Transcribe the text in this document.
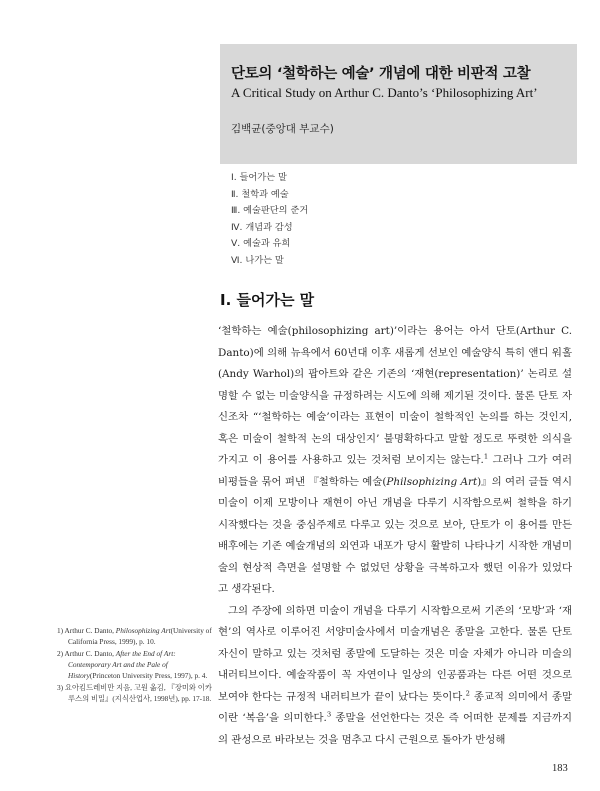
단토의 ‘철학하는 예술’ 개념에 대한 비판적 고찰

A Critical Study on Arthur C. Danto’s ‘Philosophizing Art’

김백균(중앙대 부교수)

Ⅰ. 들어가는 말
Ⅱ. 철학과 예술
Ⅲ. 예술판단의 준거
Ⅳ. 개념과 감성
Ⅴ. 예술과 유희
Ⅵ. 나가는 말
Ⅰ. 들어가는 말

‘철학하는 예술(philosophizing art)’이라는 용어는 아서 단토(Arthur C. Danto)에 의해 뉴욕에서 60년대 이후 새롭게 선보인 예술양식 특히 앤디 워홀(Andy Warhol)의 팝아트와 같은 기존의 ‘재현(representation)’ 논리로 설명할 수 없는 미술양식을 규정하려는 시도에 의해 제기된 것이다. 물론 단토 자신조차 “‘철학하는 예술’이라는 표현이 미술이 철학적인 논의를 하는 것인지, 혹은 미술이 철학적 논의 대상인지’ 불명확하다고 말할 정도로 뚜렷한 의식을 가지고 이 용어를 사용하고 있는 것처럼 보이지는 않는다.$^1$ 그러나 그가 여러 비평들을 묶어 펴낸 『철학하는 예술(Philsophizing Art)』의 여러 글들 역시 미술이 이제 모방이나 재현이 아닌 개념을 다루기 시작함으로써 철학을 하기 시작했다는 것을 중심주제로 다루고 있는 것으로 보아, 단토가 이 용어를 만든 배후에는 기존 예술개념의 외연과 내포가 당시 활발히 나타나기 시작한 개념미술의 현상적 측면을 설명할 수 없었던 상황을 극복하고자 했던 이유가 있었다고 생각된다.

그의 주장에 의하면 미술이 개념을 다루기 시작함으로써 기존의 ‘모방’과 ‘재현’의 역사로 이루어진 서양미술사에서 미술개념은 종말을 고한다. 물론 단토 자신이 말하고 있는 것처럼 종말에 도달하는 것은 미술 자체가 아니라 미술의 내러티브이다. 예술작품이 꼭 자연이나 일상의 인공품과는 다른 어떤 것으로 보여야 한다는 규정적 내러티브가 끝이 났다는 뜻이다.$^2$ 종교적 의미에서 종말이란 ‘복음’을 의미한다.$^3$ 종말을 선언한다는 것은 즉 어떠한 문제를 지금까지의 관성으로 바라보는 것을 멈추고 다시 근원으로 돌아가 반성해

1) Arthur C. Danto, Philosophizing Art(University of California Press, 1999), p. 10.

2) Arthur C. Danto, After the End of Art: Contemporary Art and the Pale of History(Princeton University Press, 1997), p. 4.

3) 요아킴드레비만 지음, 고원 옮김, 『장미와 이카루스의 비밀』(지식산업사, 1998년), pp. 17-18.

183
